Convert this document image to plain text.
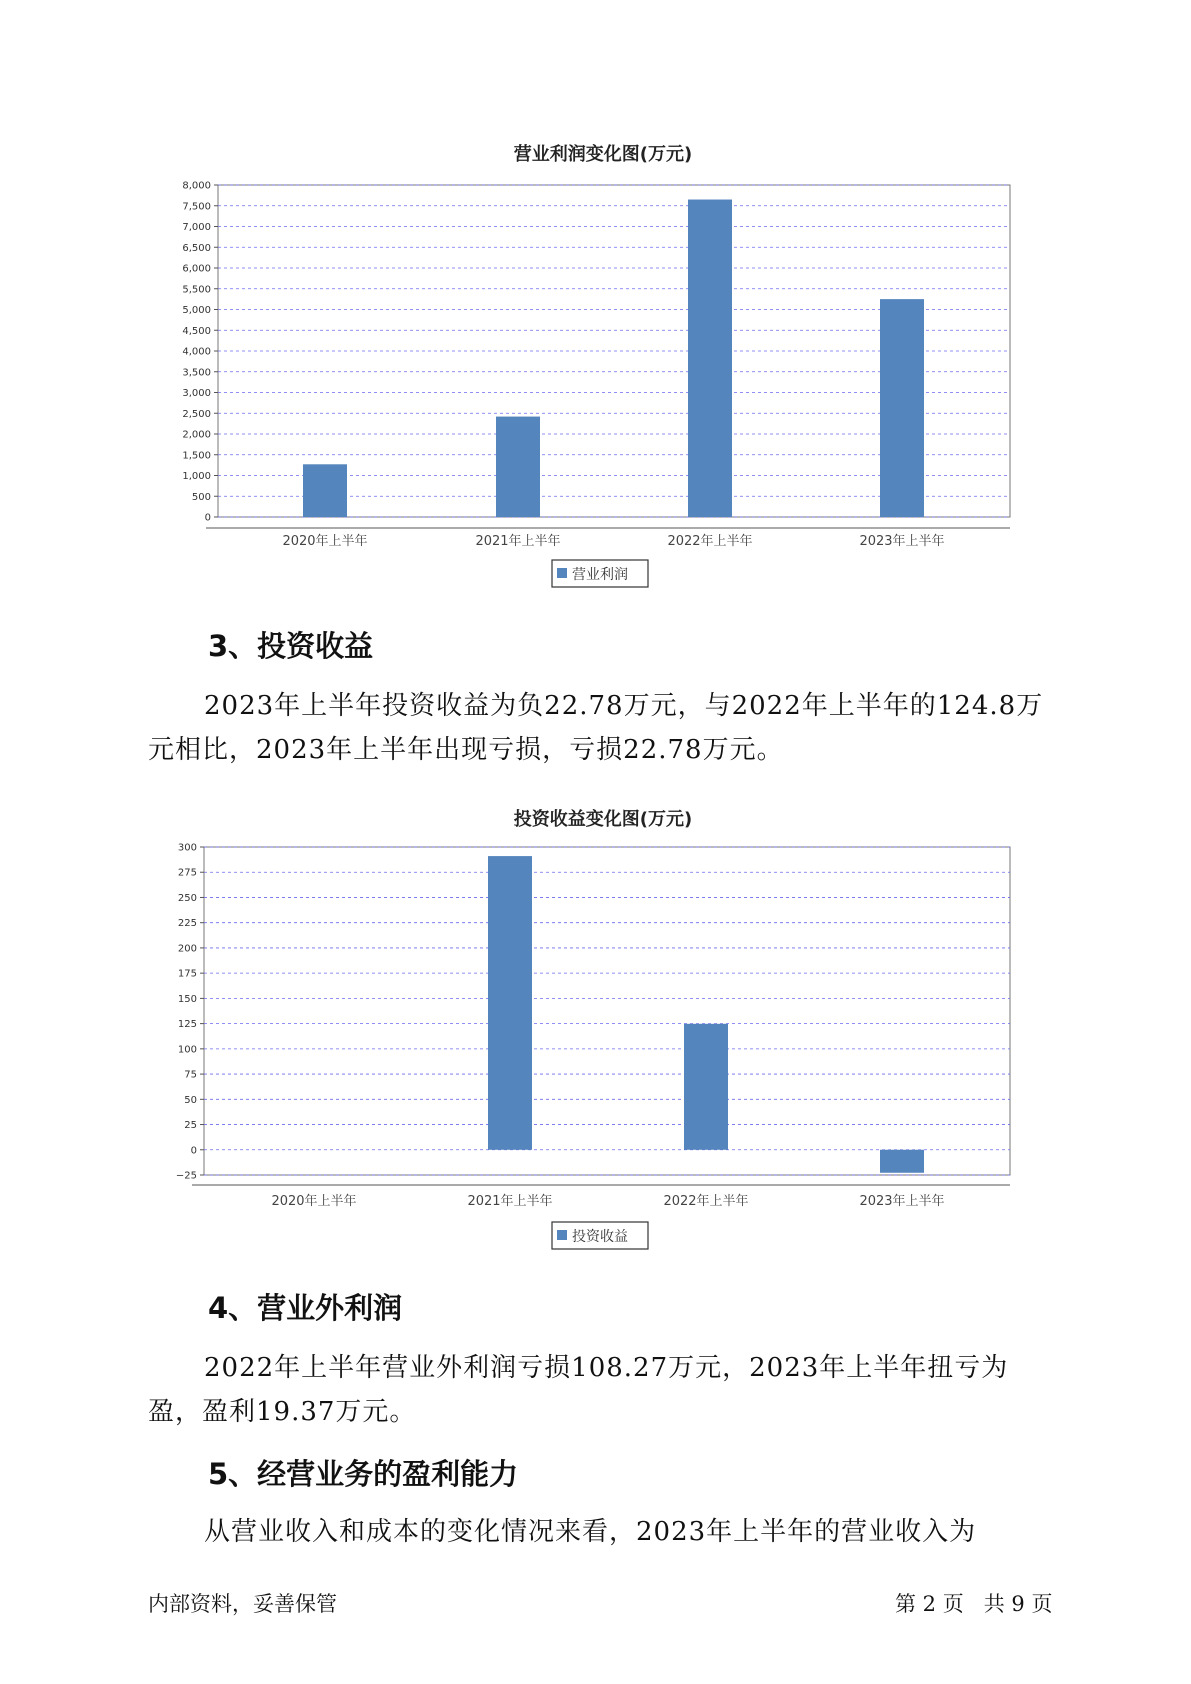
营业利润变化图(万元)
0
500
1,000
1,500
2,000
2,500
3,000
3,500
4,000
4,500
5,000
5,500
6,000
6,500
7,000
7,500
8,000
2020年上半年	2021年上半年	2022年上半年	2023年上半年
营业利润
3、投资收益

2023年上半年投资收益为负22.78万元，与2022年上半年的124.8万元相比，2023年上半年出现亏损，亏损22.78万元。

投资收益变化图(万元)
−25
0
25
50
75
100
125
150
175
200
225
250
275
300
2020年上半年	2021年上半年	2022年上半年	2023年上半年
投资收益
4、营业外利润

2022年上半年营业外利润亏损108.27万元，2023年上半年扭亏为盈，盈利19.37万元。

5、经营业务的盈利能力

从营业收入和成本的变化情况来看，2023年上半年的营业收入为

内部资料，妥善保管	第 2 页   共 9 页
